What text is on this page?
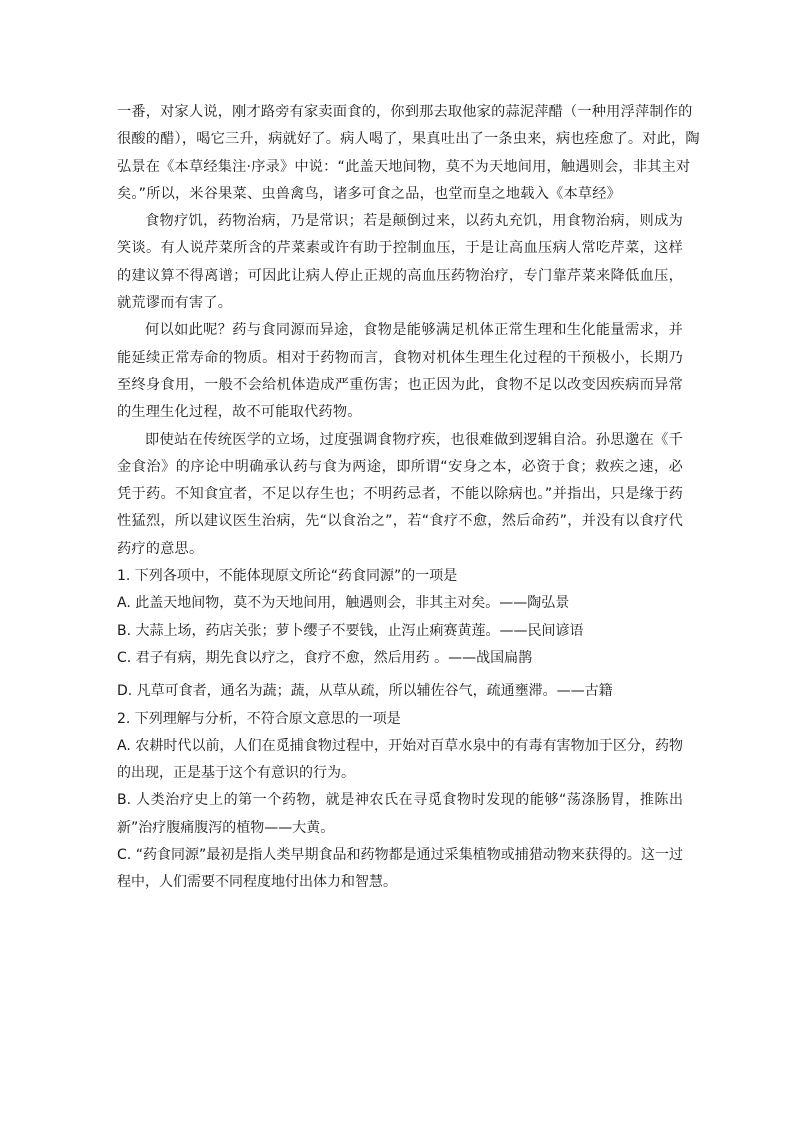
一番，对家人说，刚才路旁有家卖面食的，你到那去取他家的蒜泥萍醋（一种用浮萍制作的

很酸的醋），喝它三升，病就好了。病人喝了，果真吐出了一条虫来，病也痊愈了。对此，陶

弘景在《本草经集注·序录》中说：“此盖天地间物，莫不为天地间用，触遇则会，非其主对

矣。”所以，米谷果菜、虫兽禽鸟，诸多可食之品，也堂而皇之地载入《本草经》

食物疗饥，药物治病，乃是常识；若是颠倒过来，以药丸充饥，用食物治病，则成为笑谈。有人说芹菜所含的芹菜素或许有助于控制血压，于是让高血压病人常吃芹菜，这样的建议算不得离谱；可因此让病人停止正规的高血压药物治疗，专门靠芹菜来降低血压，就荒谬而有害了。

何以如此呢？药与食同源而异途，食物是能够满足机体正常生理和生化能量需求，并能延续正常寿命的物质。相对于药物而言，食物对机体生理生化过程的干预极小，长期乃至终身食用，一般不会给机体造成严重伤害；也正因为此，食物不足以改变因疾病而异常的生理生化过程，故不可能取代药物。

即使站在传统医学的立场，过度强调食物疗疾，也很难做到逻辑自洽。孙思邈在《千金食治》的序论中明确承认药与食为两途，即所谓“安身之本，必资于食；救疾之速，必凭于药。不知食宜者，不足以存生也；不明药忌者，不能以除病也。”并指出，只是缘于药性猛烈，所以建议医生治病，先“以食治之”，若“食疗不愈，然后命药”，并没有以食疗代药疗的意思。

1. 下列各项中，不能体现原文所论“药食同源”的一项是

A. 此盖天地间物，莫不为天地间用，触遇则会，非其主对矣。——陶弘景

B. 大蒜上场，药店关张；萝卜缨子不要钱，止泻止痢赛黄莲。——民间谚语

C. 君子有病，期先食以疗之，食疗不愈，然后用药 。——战国扁鹊

D. 凡草可食者，通名为蔬；蔬，从草从疏，所以辅佐谷气，疏通壅滞。——古籍

2. 下列理解与分析，不符合原文意思的一项是

A. 农耕时代以前，人们在觅捕食物过程中，开始对百草水泉中的有毒有害物加于区分，药物的出现，正是基于这个有意识的行为。

B. 人类治疗史上的第一个药物，就是神农氏在寻觅食物时发现的能够“荡涤肠胃，推陈出新”治疗腹痛腹泻的植物——大黄。

C. “药食同源”最初是指人类早期食品和药物都是通过采集植物或捕猎动物来获得的。这一过程中，人们需要不同程度地付出体力和智慧。
